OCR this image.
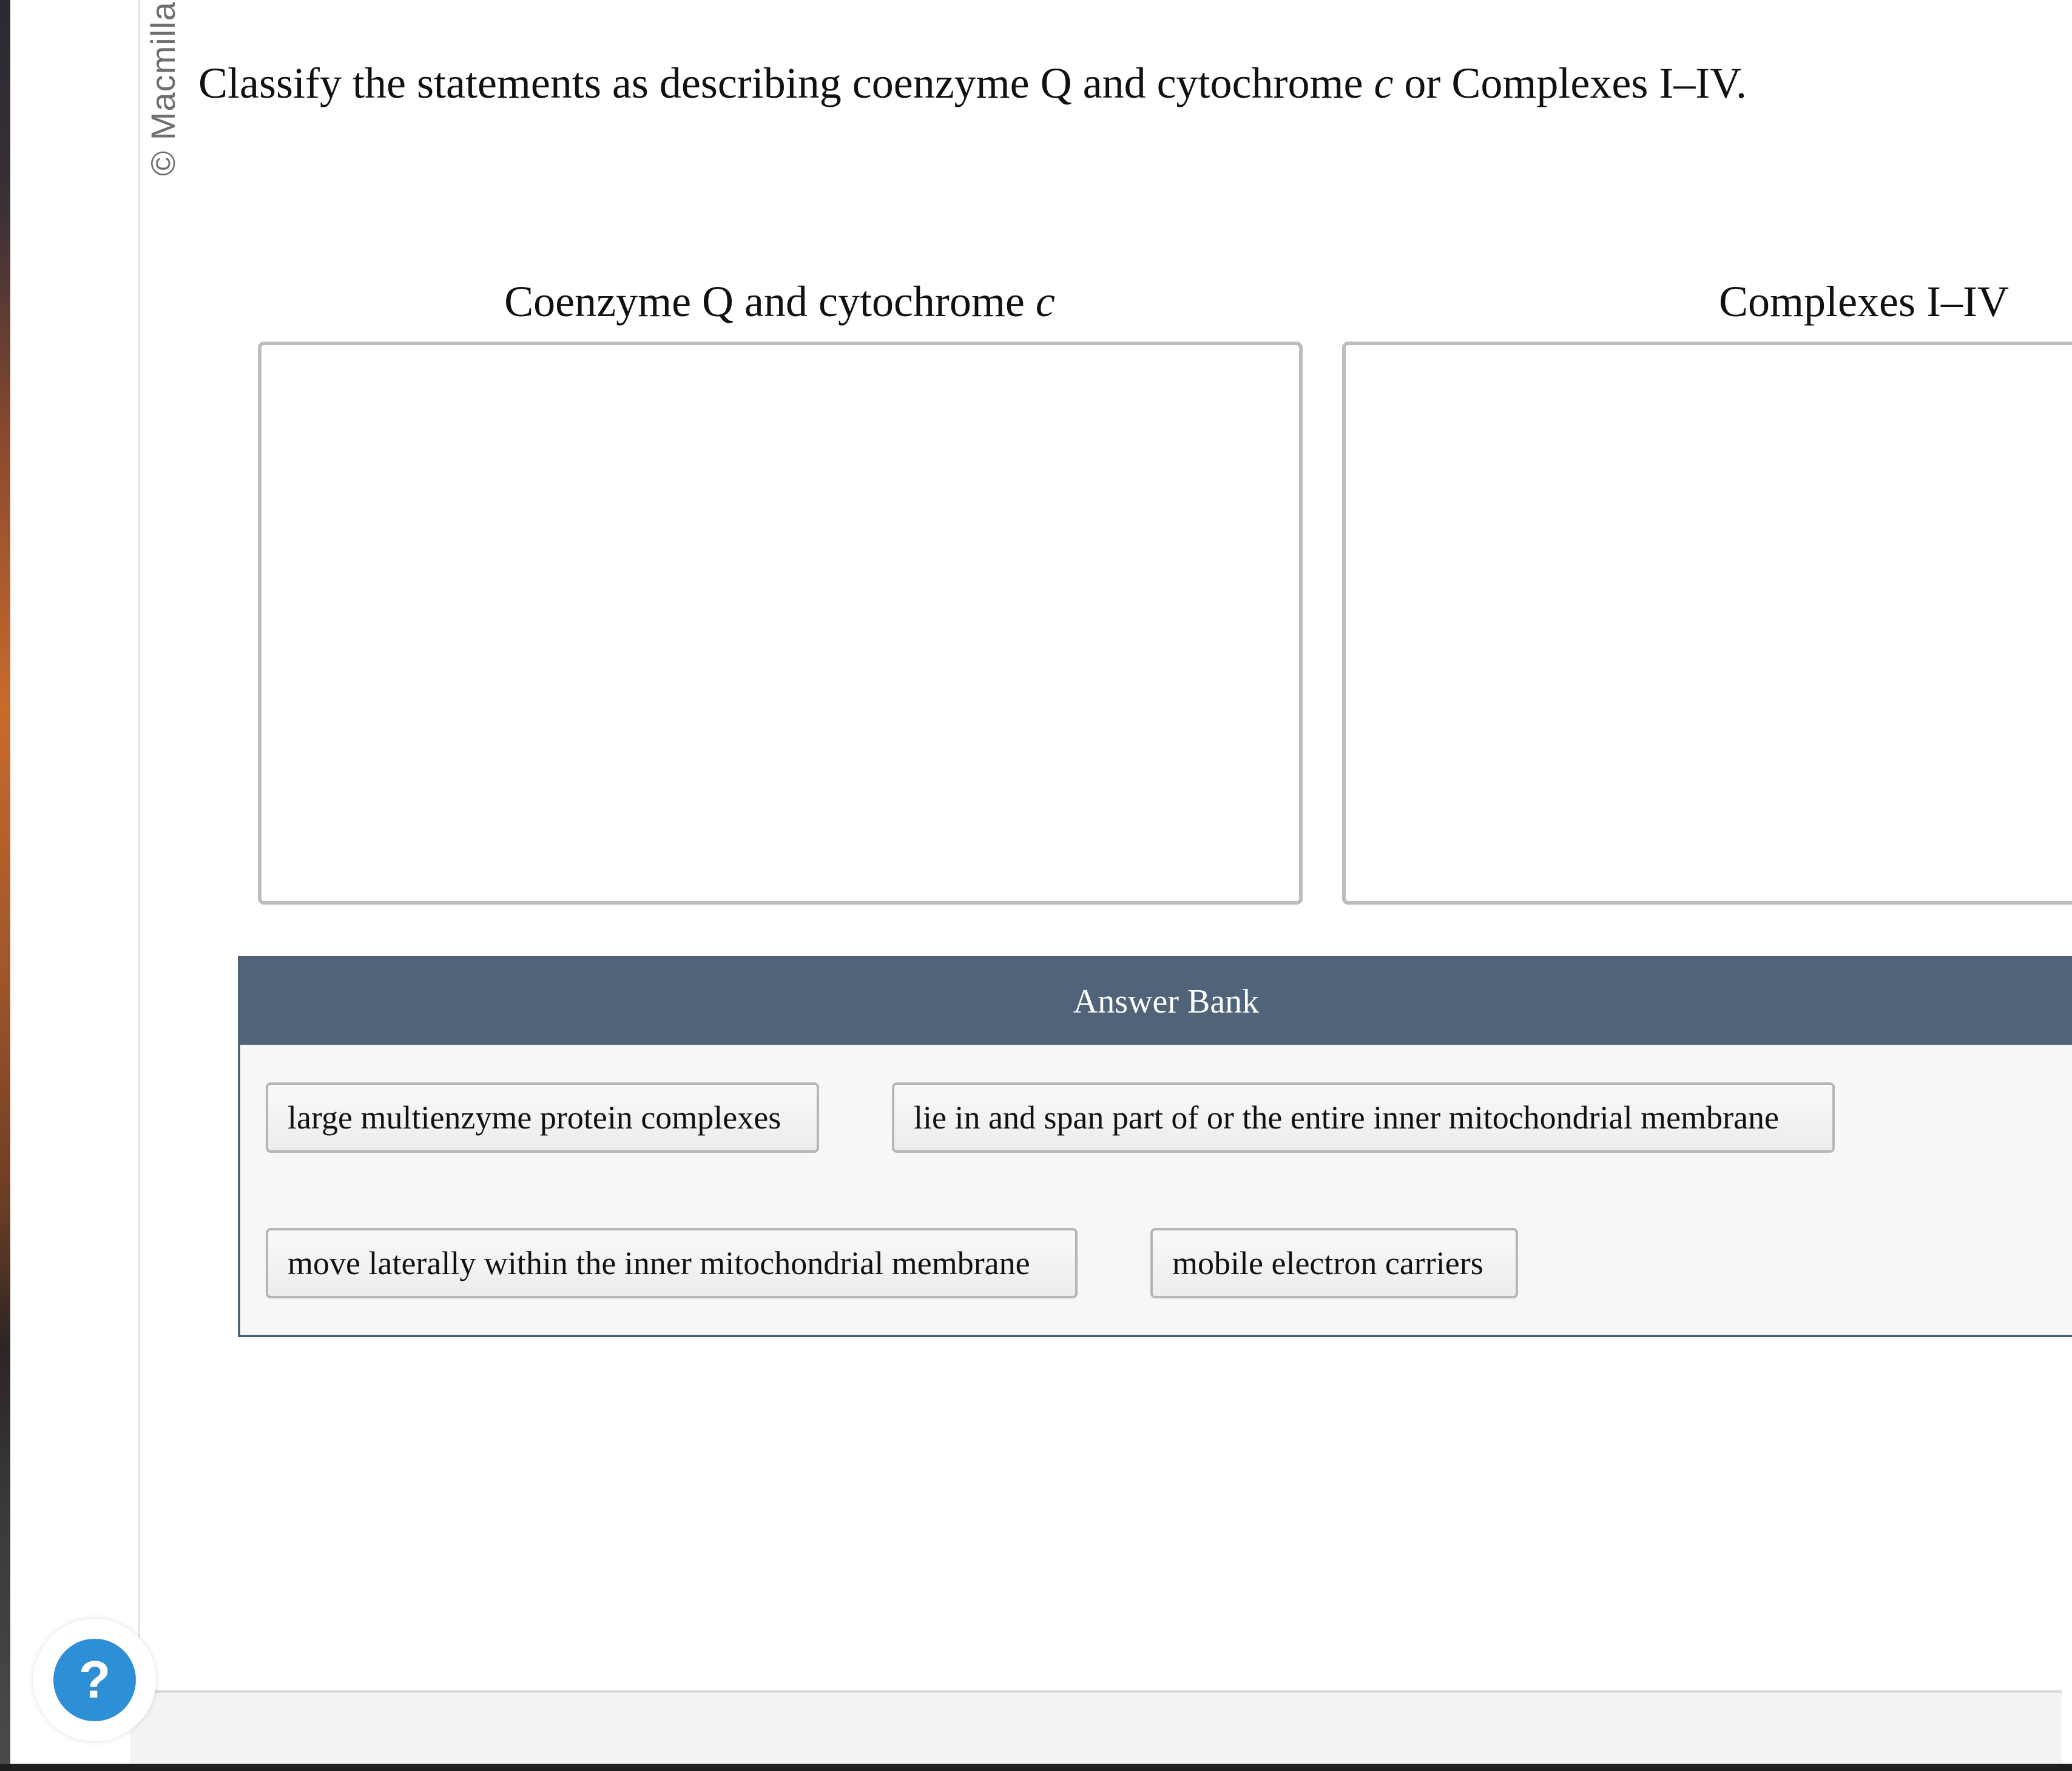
© Macmilla Classify the statements as describing coenzyme Q and cytochrome c or Complexes I–IV.
Coenzyme Q and cytochrome c	Complexes I–IV
Answer Bank
large multienzyme protein complexes	lie in and span part of or the entire inner mitochondrial membrane
move laterally within the inner mitochondrial membrane	mobile electron carriers
?
